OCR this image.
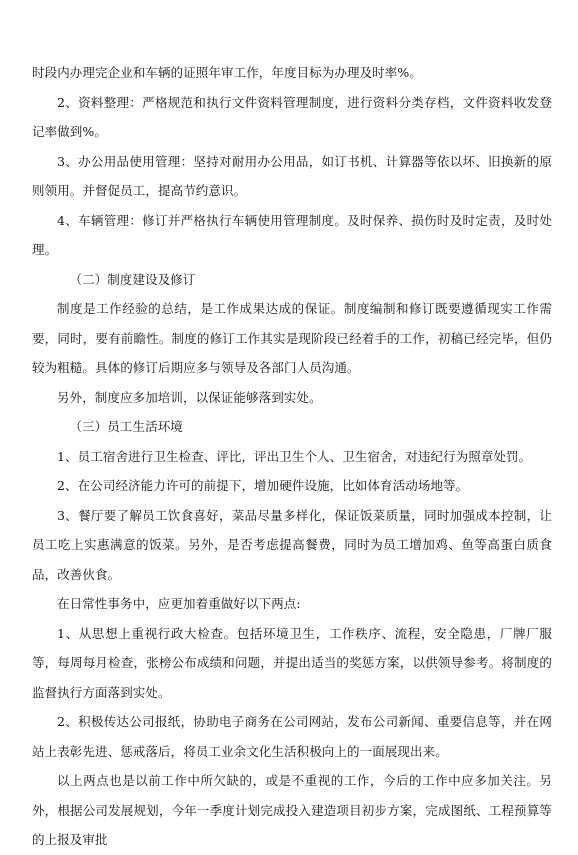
时段内办理完企业和车辆的证照年审工作，年度目标为办理及时率%。

2、资料整理：严格规范和执行文件资料管理制度，进行资料分类存档，文件资料收发登记率做到%。

3、办公用品使用管理：坚持对耐用办公用品，如订书机、计算器等依以坏、旧换新的原则领用。并督促员工，提高节约意识。

4、车辆管理：修订并严格执行车辆使用管理制度。及时保养、损伤时及时定责，及时处理。

（二）制度建设及修订

制度是工作经验的总结，是工作成果达成的保证。制度编制和修订既要遵循现实工作需要，同时，要有前瞻性。制度的修订工作其实是现阶段已经着手的工作，初稿已经完毕，但仍较为粗糙。具体的修订后期应多与领导及各部门人员沟通。

另外，制度应多加培训，以保证能够落到实处。

（三）员工生活环境

1、员工宿舍进行卫生检查、评比，评出卫生个人、卫生宿舍，对违纪行为照章处罚。

2、在公司经济能力许可的前提下，增加硬件设施，比如体育活动场地等。

3、餐厅要了解员工饮食喜好，菜品尽量多样化，保证饭菜质量，同时加强成本控制，让员工吃上实惠满意的饭菜。另外，是否考虑提高餐费，同时为员工增加鸡、鱼等高蛋白质食品，改善伙食。

在日常性事务中，应更加着重做好以下两点:

1、从思想上重视行政大检查。包括环境卫生，工作秩序、流程，安全隐患，厂牌厂服等，每周每月检查，张榜公布成绩和问题，并提出适当的奖惩方案，以供领导参考。将制度的监督执行方面落到实处。

2、积极传达公司报纸，协助电子商务在公司网站，发布公司新闻、重要信息等，并在网站上表彰先进、惩戒落后，将员工业余文化生活积极向上的一面展现出来。

以上两点也是以前工作中所欠缺的，或是不重视的工作，今后的工作中应多加关注。另外，根据公司发展规划，今年一季度计划完成投入建造项目初步方案，完成图纸、工程预算等的上报及审批
